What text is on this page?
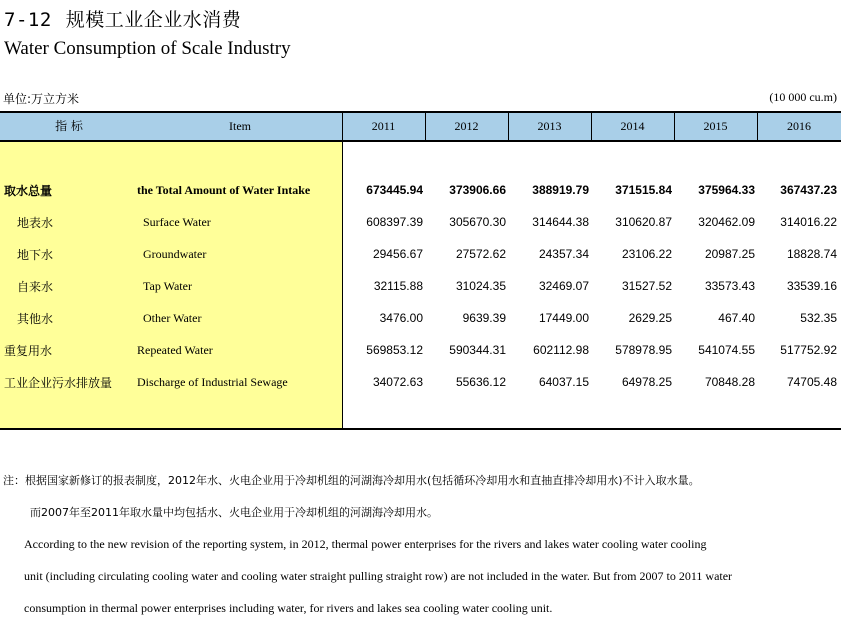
7-12 规模工业企业水消费
Water Consumption of Scale Industry
单位:万立方米	(10 000 cu.m)
指 标	Item	2011	2012	2013	2014	2015	2016
取水总量	the Total Amount of Water Intake	673445.94	373906.66	388919.79	371515.84	375964.33	367437.23
地表水	Surface Water	608397.39	305670.30	314644.38	310620.87	320462.09	314016.22
地下水	Groundwater	29456.67	27572.62	24357.34	23106.22	20987.25	18828.74
自来水	Tap Water	32115.88	31024.35	32469.07	31527.52	33573.43	33539.16
其他水	Other Water	3476.00	9639.39	17449.00	2629.25	467.40	532.35
重复用水	Repeated Water	569853.12	590344.31	602112.98	578978.95	541074.55	517752.92
工业企业污水排放量 Discharge of Industrial Sewage	34072.63	55636.12	64037.15	64978.25	70848.28	74705.48
注：根据国家新修订的报表制度，2012年水、火电企业用于冷却机组的河湖海冷却用水(包括循环冷却用水和直抽直排冷却用水)不计入取水量。
而2007年至2011年取水量中均包括水、火电企业用于冷却机组的河湖海冷却用水。
According to the new revision of the reporting system, in 2012, thermal power enterprises for the rivers and lakes water cooling water cooling
unit (including circulating cooling water and cooling water straight pulling straight row) are not included in the water. But from 2007 to 2011 water
consumption in thermal power enterprises including water, for rivers and lakes sea cooling water cooling unit.
